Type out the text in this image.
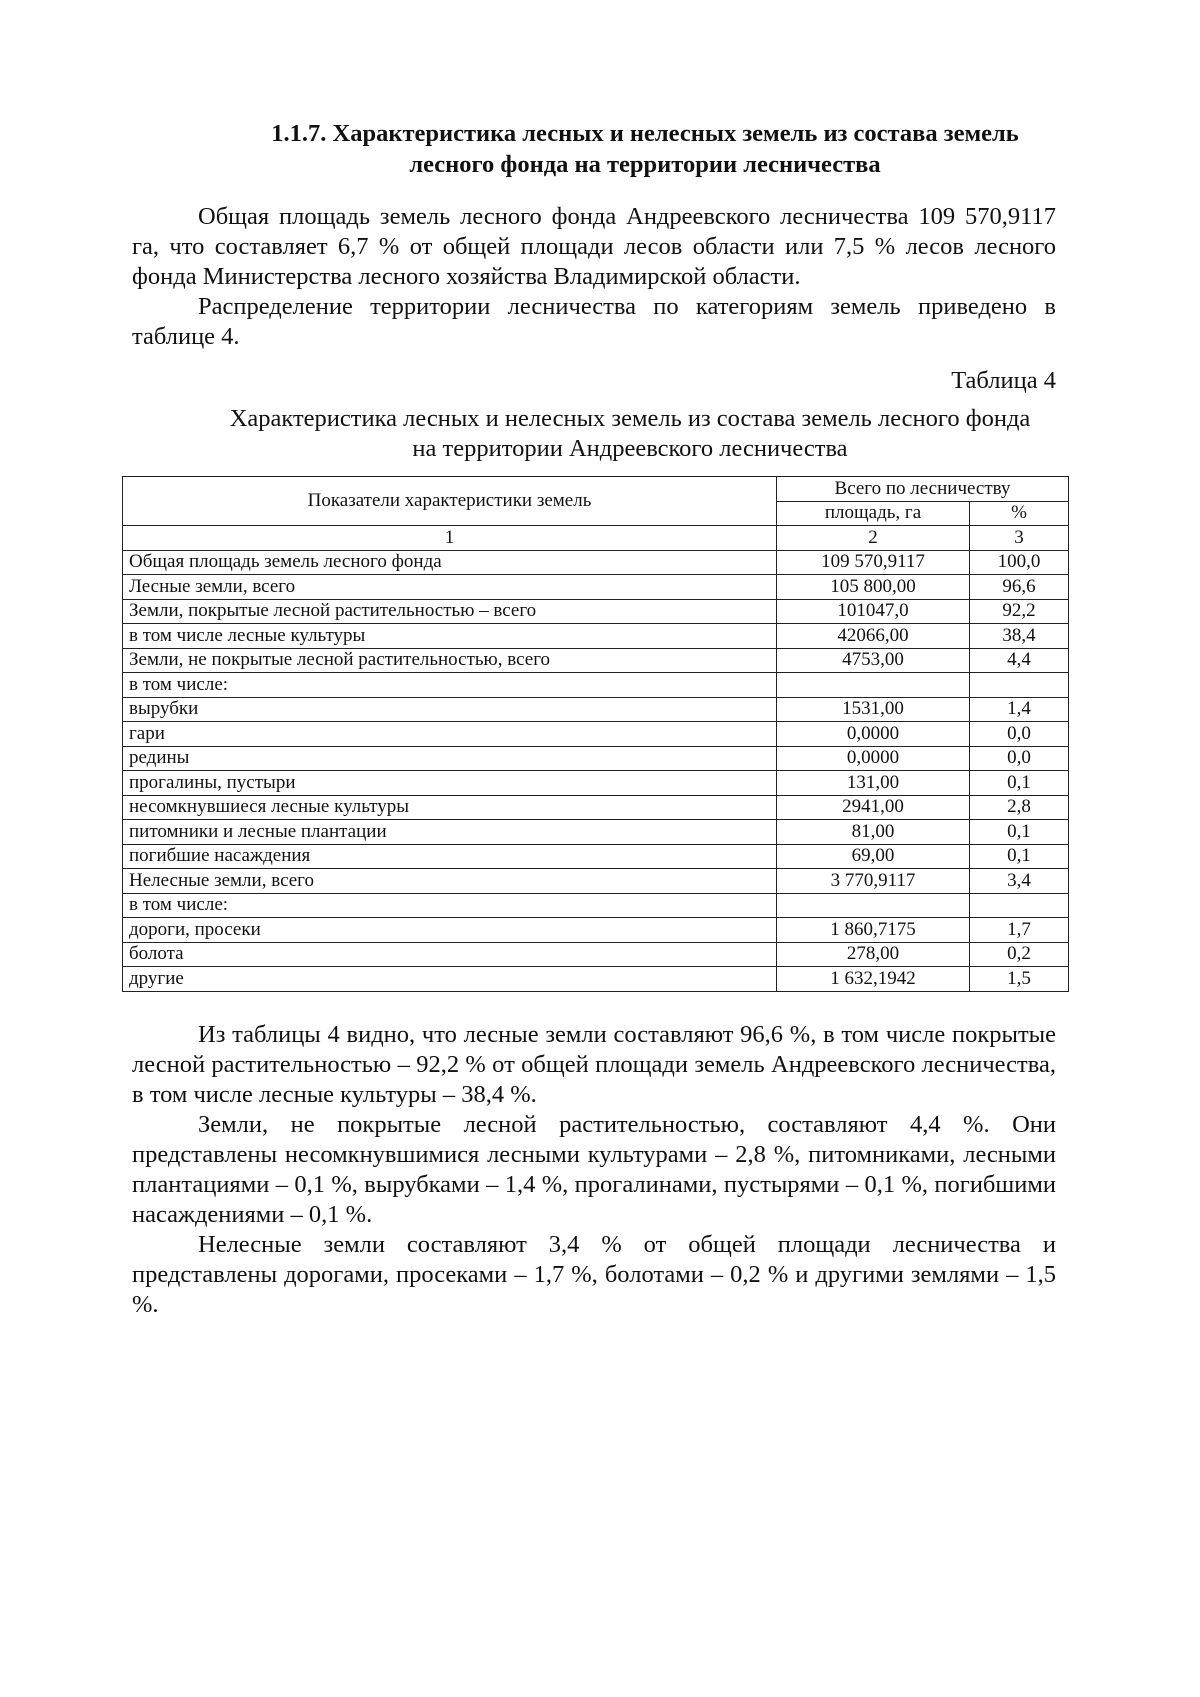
1.1.7. Характеристика лесных и нелесных земель из состава земель
лесного фонда на территории лесничества

Общая площадь земель лесного фонда Андреевского лесничества 109 570,9117 га, что составляет 6,7 % от общей площади лесов области или 7,5 % лесов лесного фонда Министерства лесного хозяйства Владимирской области.

Распределение территории лесничества по категориям земель приведено в таблице 4.

Таблица 4
Характеристика лесных и нелесных земель из состава земель лесного фонда
на территории Андреевского лесничества
Показатели характеристики земель	Всего по лесничеству	
	площадь, га	%
1	2	3
Общая площадь земель лесного фонда	109 570,9117	100,0
Лесные земли, всего	105 800,00	96,6
Земли, покрытые лесной растительностью – всего	101047,0	92,2
в том числе лесные культуры	42066,00	38,4
Земли, не покрытые лесной растительностью, всего	4753,00	4,4
в том числе:		
вырубки	1531,00	1,4
гари	0,0000	0,0
редины	0,0000	0,0
прогалины, пустыри	131,00	0,1
несомкнувшиеся лесные культуры	2941,00	2,8
питомники и лесные плантации	81,00	0,1
погибшие насаждения	69,00	0,1
Нелесные земли, всего	3 770,9117	3,4
в том числе:		
дороги, просеки	1 860,7175	1,7
болота	278,00	0,2
другие	1 632,1942	1,5

Из таблицы 4 видно, что лесные земли составляют 96,6 %, в том числе покрытые лесной растительностью – 92,2 % от общей площади земель Андреевского лесничества, в том числе лесные культуры – 38,4 %.

Земли, не покрытые лесной растительностью, составляют 4,4 %. Они представлены несомкнувшимися лесными культурами – 2,8 %, питомниками, лесными плантациями – 0,1 %, вырубками – 1,4 %, прогалинами, пустырями – 0,1 %, погибшими насаждениями – 0,1 %.

Нелесные земли составляют 3,4 % от общей площади лесничества и представлены дорогами, просеками – 1,7 %, болотами – 0,2 % и другими землями – 1,5 %.
